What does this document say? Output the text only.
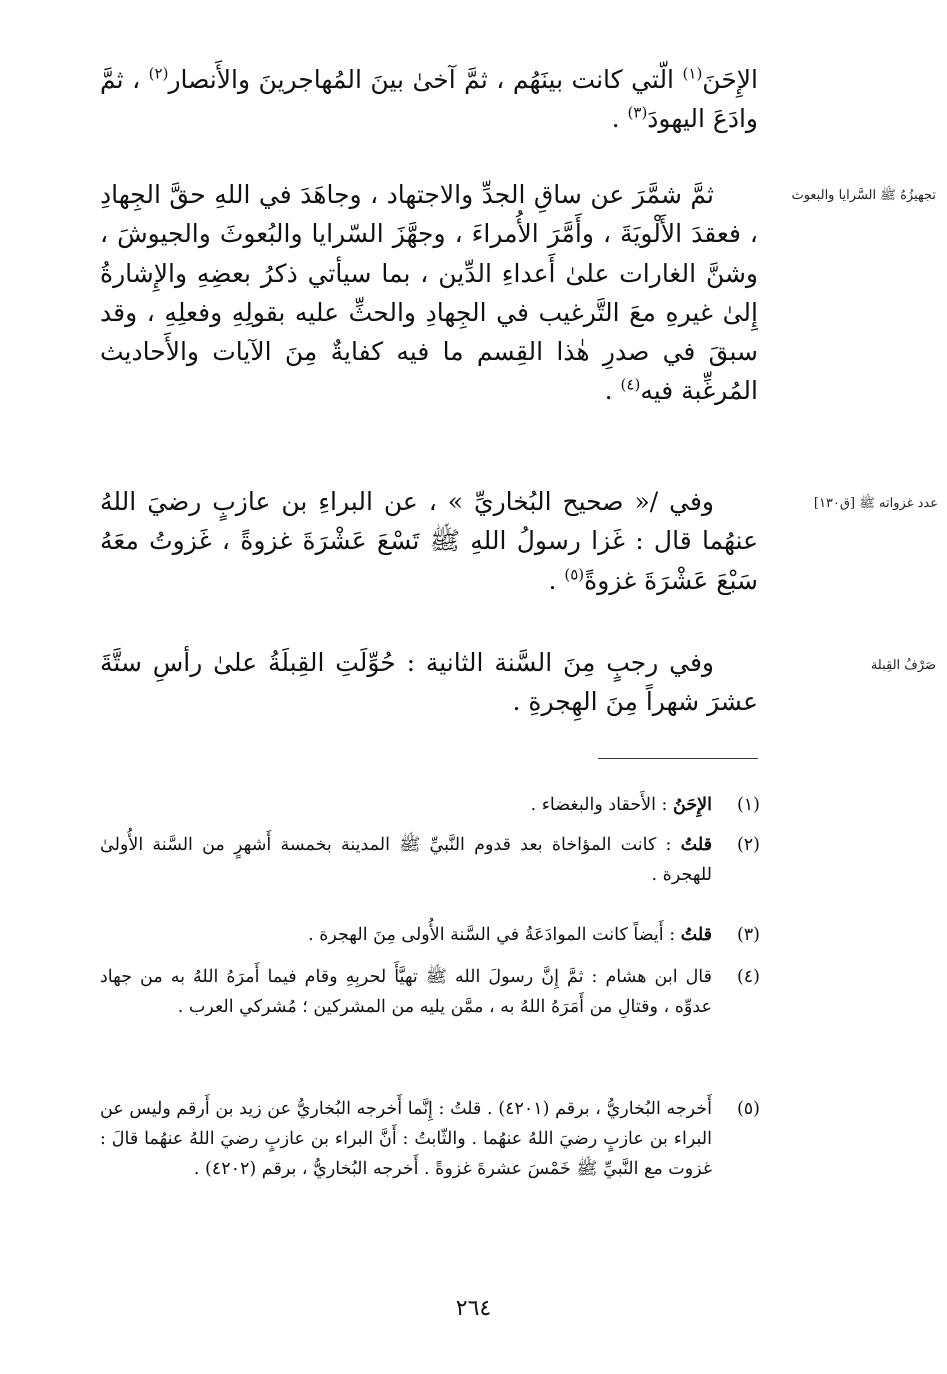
الإِحَنَ$^{(١)}$ الّتي كانت بينَهُم ، ثمَّ آخىٰ بينَ المُهاجرينَ والأَنصار$^{(٢)}$ ، ثمَّ وادَعَ اليهودَ$^{(٣)}$ .

ثمَّ شمَّرَ عن ساقِ الجدِّ والاجتهاد ، وجاهَدَ في اللهِ حقَّ الجِهادِ ، فعقدَ الأَلْويَةَ ، وأَمَّرَ الأُمراءَ ، وجهَّزَ السّرايا والبُعوثَ والجيوشَ ، وشنَّ الغارات علىٰ أَعداءِ الدِّين ، بما سيأتي ذكرُ بعضِهِ والإِشارةُ إِلىٰ غيرهِ معَ التَّرغيب في الجِهادِ والحثِّ عليه بقولِهِ وفعلِهِ ، وقد سبقَ في صدرِ هٰذا القِسم ما فيه كفايةٌ مِنَ الآيات والأَحاديث المُرغِّبة فيه$^{(٤)}$ .

وفي /« صحيح البُخاريِّ » ، عن البراءِ بن عازبٍ رضيَ اللهُ عنهُما قال : غَزا رسولُ اللهِ ﷺ تَسْعَ عَشْرَةَ غزوةً ، غَزوتُ معَهُ سَبْعَ عَشْرَةَ غزوةً$^{(٥)}$ .

وفي رجبٍ مِنَ السَّنة الثانية : حُوِّلَتِ القِبلَةُ علىٰ رأسِ ستَّةَ عشرَ شهراً مِنَ الهِجرةِ .

تجهيزُهُ ﷺ السَّرايا والبعوث
عدد غزواته ﷺ [ق١٣٠]
صَرْفُ القِبلة
(١)
الإِحَنُ : الأَحقاد والبغضاء .
(٢)
قلتُ : كانت المؤاخاة بعد قدوم النَّبيِّ ﷺ المدينة بخمسة أَشهرٍ من السَّنة الأُولىٰ للهجرة .
(٣)
قلتُ : أَيضاً كانت الموادَعَةُ في السَّنة الأُولى مِنَ الهجرة .
(٤)
قال ابن هشام : ثمَّ إِنَّ رسولَ الله ﷺ تهيَّأَ لحربِهِ وقام فيما أَمرَهُ اللهُ به من جهاد عدوِّه ، وقتالِ من أَمَرَهُ اللهُ به ، ممَّن يليه من المشركين ؛ مُشركي العرب .
(٥)
أَخرجه البُخاريُّ ، برقم (٤٢٠١) . قلتُ : إِنَّما أَخرجه البُخاريُّ عن زيد بن أَرقم وليس عن البراء بن عازبٍ رضيَ اللهُ عنهُما . والثّابتُ : أَنَّ البراء بن عازبٍ رضيَ اللهُ عنهُما قالَ : غزوت مع النَّبيِّ ﷺ خَمْسَ عشرةَ غزوةً . أَخرجه البُخاريُّ ، برقم (٤٢٠٢) .
٢٦٤
